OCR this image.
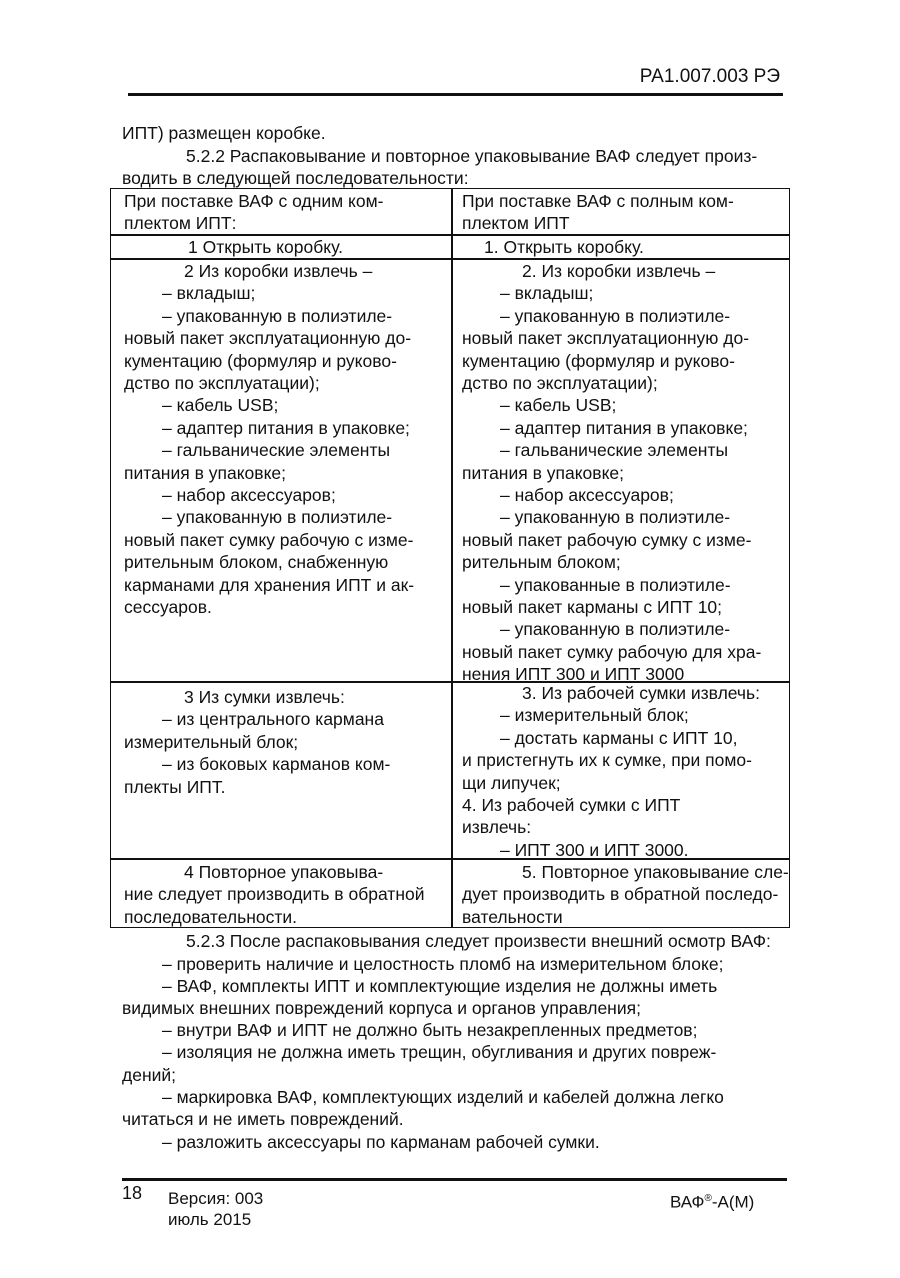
РА1.007.003 РЭ
ИПТ) размещен коробке.
5.2.2 Распаковывание и повторное упаковывание ВАФ следует произ-
водить в следующей последовательности:
При поставке ВАФ с одним ком-
плектом ИПТ:
При поставке ВАФ с полным ком-
плектом ИПТ
1 Открыть коробку.	1. Открыть коробку.
2 Из коробки извлечь –
– вкладыш;
– упакованную в полиэтиле-
новый пакет эксплуатационную до-
кументацию (формуляр и руково-
дство по эксплуатации);
– кабель USB;
– адаптер питания в упаковке;
– гальванические элементы
питания в упаковке;
– набор аксессуаров;
– упакованную в полиэтиле-
новый пакет сумку рабочую с изме-
рительным блоком, снабженную
карманами для хранения ИПТ и ак-
сессуаров.
2. Из коробки извлечь –
– вкладыш;
– упакованную в полиэтиле-
новый пакет эксплуатационную до-
кументацию (формуляр и руково-
дство по эксплуатации);
– кабель USB;
– адаптер питания в упаковке;
– гальванические элементы
питания в упаковке;
– набор аксессуаров;
– упакованную в полиэтиле-
новый пакет рабочую сумку с изме-
рительным блоком;
– упакованные в полиэтиле-
новый пакет карманы с ИПТ 10;
– упакованную в полиэтиле-
новый пакет сумку рабочую для хра-
нения ИПТ 300 и ИПТ 3000
3 Из сумки извлечь:
– из центрального кармана
измерительный блок;
– из боковых карманов ком-
плекты ИПТ.
3. Из рабочей сумки извлечь:
– измерительный блок;
– достать карманы с ИПТ 10,
и пристегнуть их к сумке, при помо-
щи липучек;
4. Из рабочей сумки с ИПТ
извлечь:
– ИПТ 300 и ИПТ 3000.
4 Повторное упаковыва-
ние следует производить в обратной
последовательности.
5. Повторное упаковывание сле-
дует производить в обратной последо-
вательности
5.2.3 После распаковывания следует произвести внешний осмотр ВАФ:
– проверить наличие и целостность пломб на измерительном блоке;
– ВАФ, комплекты ИПТ и комплектующие изделия не должны иметь
видимых внешних повреждений корпуса и органов управления;
– внутри ВАФ и ИПТ не должно быть незакрепленных предметов;
– изоляция не должна иметь трещин, обугливания и других повреж-
дений;
– маркировка ВАФ, комплектующих изделий и кабелей должна легко
читаться и не иметь повреждений.
– разложить аксессуары по карманам рабочей сумки.
18 Версия: 003
июль 2015
ВАФ®-А(М)
